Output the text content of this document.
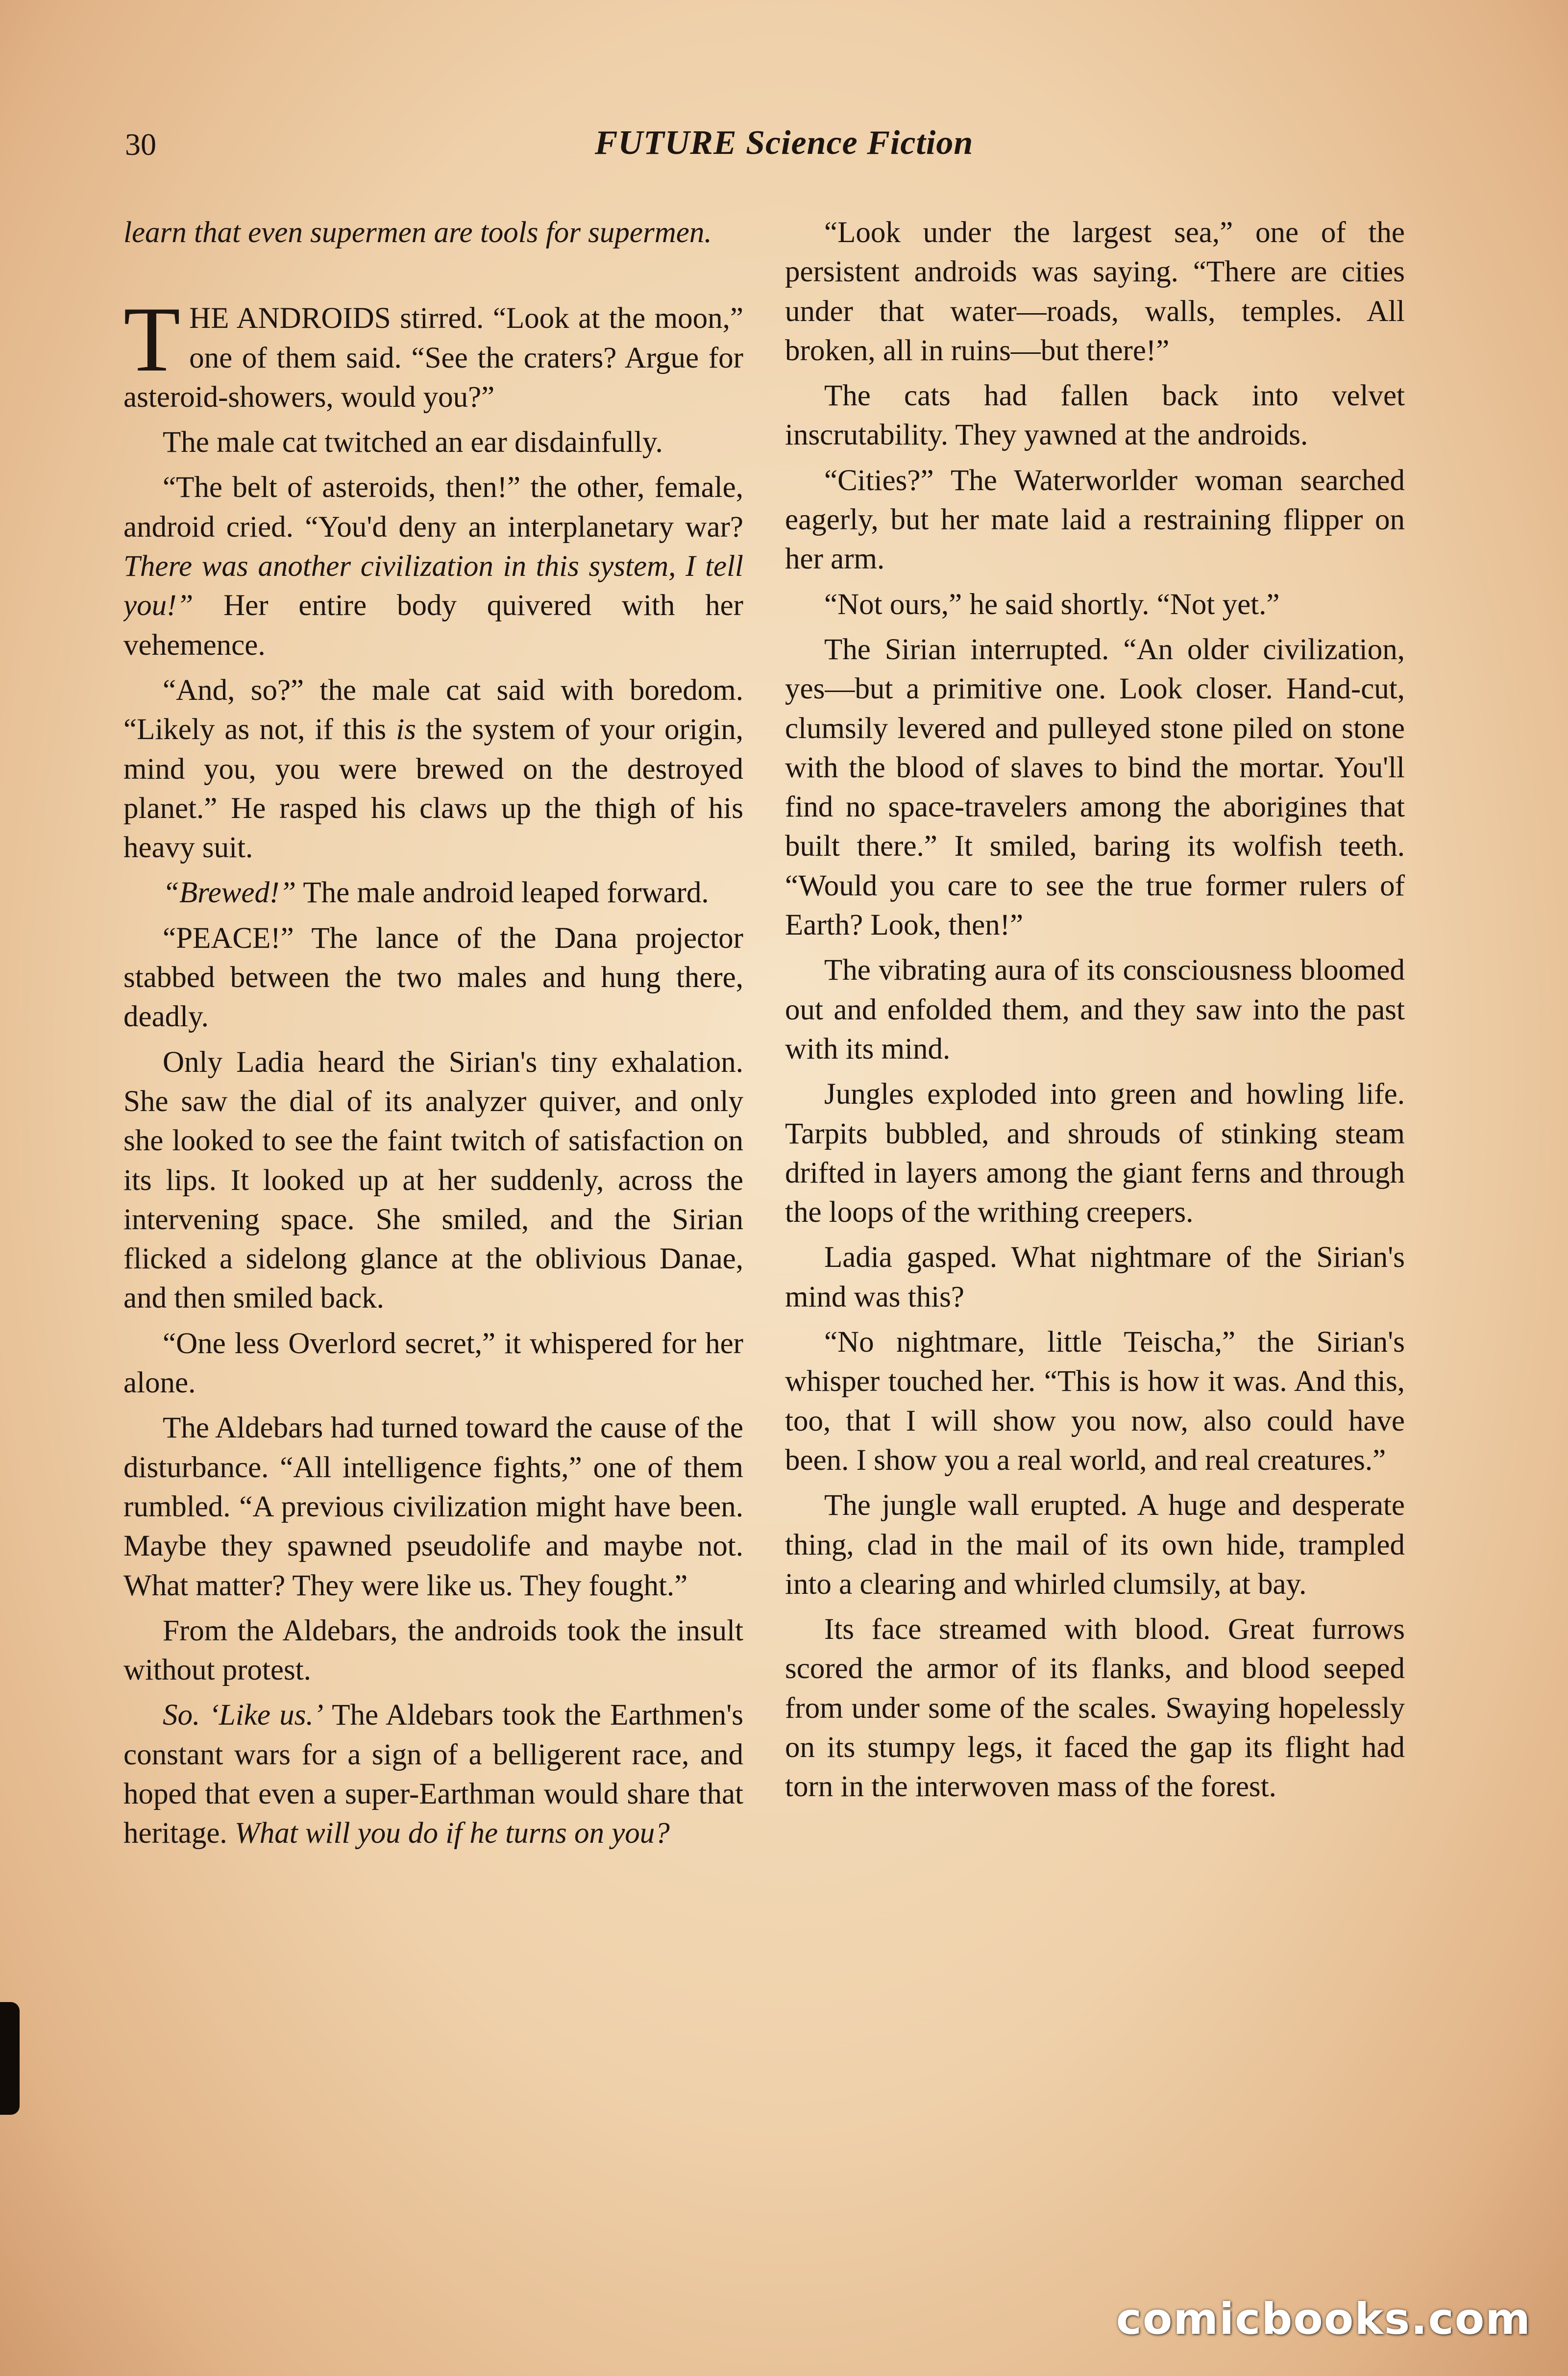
30	FUTURE Science Fiction

learn that even supermen are tools for supermen.

THE ANDROIDS stirred. “Look at the moon,” one of them said. “See the craters? Argue for asteroid-showers, would you?”

The male cat twitched an ear disdainfully.

“The belt of asteroids, then!” the other, female, android cried. “You'd deny an interplanetary war? There was another civilization in this system, I tell you!” Her entire body quivered with her vehemence.

“And, so?” the male cat said with boredom. “Likely as not, if this is the system of your origin, mind you, you were brewed on the destroyed planet.” He rasped his claws up the thigh of his heavy suit.

“Brewed!” The male android leaped forward.

“PEACE!” The lance of the Dana projector stabbed between the two males and hung there, deadly.

Only Ladia heard the Sirian's tiny exhalation. She saw the dial of its analyzer quiver, and only she looked to see the faint twitch of satisfaction on its lips. It looked up at her suddenly, across the intervening space. She smiled, and the Sirian flicked a sidelong glance at the oblivious Danae, and then smiled back.

“One less Overlord secret,” it whispered for her alone.

The Aldebars had turned toward the cause of the disturbance. “All intelligence fights,” one of them rumbled. “A previous civilization might have been. Maybe they spawned pseudolife and maybe not. What matter? They were like us. They fought.”

From the Aldebars, the androids took the insult without protest.

So. ‘Like us.’ The Aldebars took the Earthmen's constant wars for a sign of a belligerent race, and hoped that even a super-Earthman would share that heritage. What will you do if he turns on you?

“Look under the largest sea,” one of the persistent androids was saying. “There are cities under that water—roads, walls, temples. All broken, all in ruins—but there!”

The cats had fallen back into velvet inscrutability. They yawned at the androids.

“Cities?” The Waterworlder woman searched eagerly, but her mate laid a restraining flipper on her arm.

“Not ours,” he said shortly. “Not yet.”

The Sirian interrupted. “An older civilization, yes—but a primitive one. Look closer. Hand-cut, clumsily levered and pulleyed stone piled on stone with the blood of slaves to bind the mortar. You'll find no space-travelers among the aborigines that built there.” It smiled, baring its wolfish teeth. “Would you care to see the true former rulers of Earth? Look, then!”

The vibrating aura of its consciousness bloomed out and enfolded them, and they saw into the past with its mind.

Jungles exploded into green and howling life. Tarpits bubbled, and shrouds of stinking steam drifted in layers among the giant ferns and through the loops of the writhing creepers.

Ladia gasped. What nightmare of the Sirian's mind was this?

“No nightmare, little Teischa,” the Sirian's whisper touched her. “This is how it was. And this, too, that I will show you now, also could have been. I show you a real world, and real creatures.”

The jungle wall erupted. A huge and desperate thing, clad in the mail of its own hide, trampled into a clearing and whirled clumsily, at bay.

Its face streamed with blood. Great furrows scored the armor of its flanks, and blood seeped from under some of the scales. Swaying hopelessly on its stumpy legs, it faced the gap its flight had torn in the interwoven mass of the forest.

comicbooks.com
